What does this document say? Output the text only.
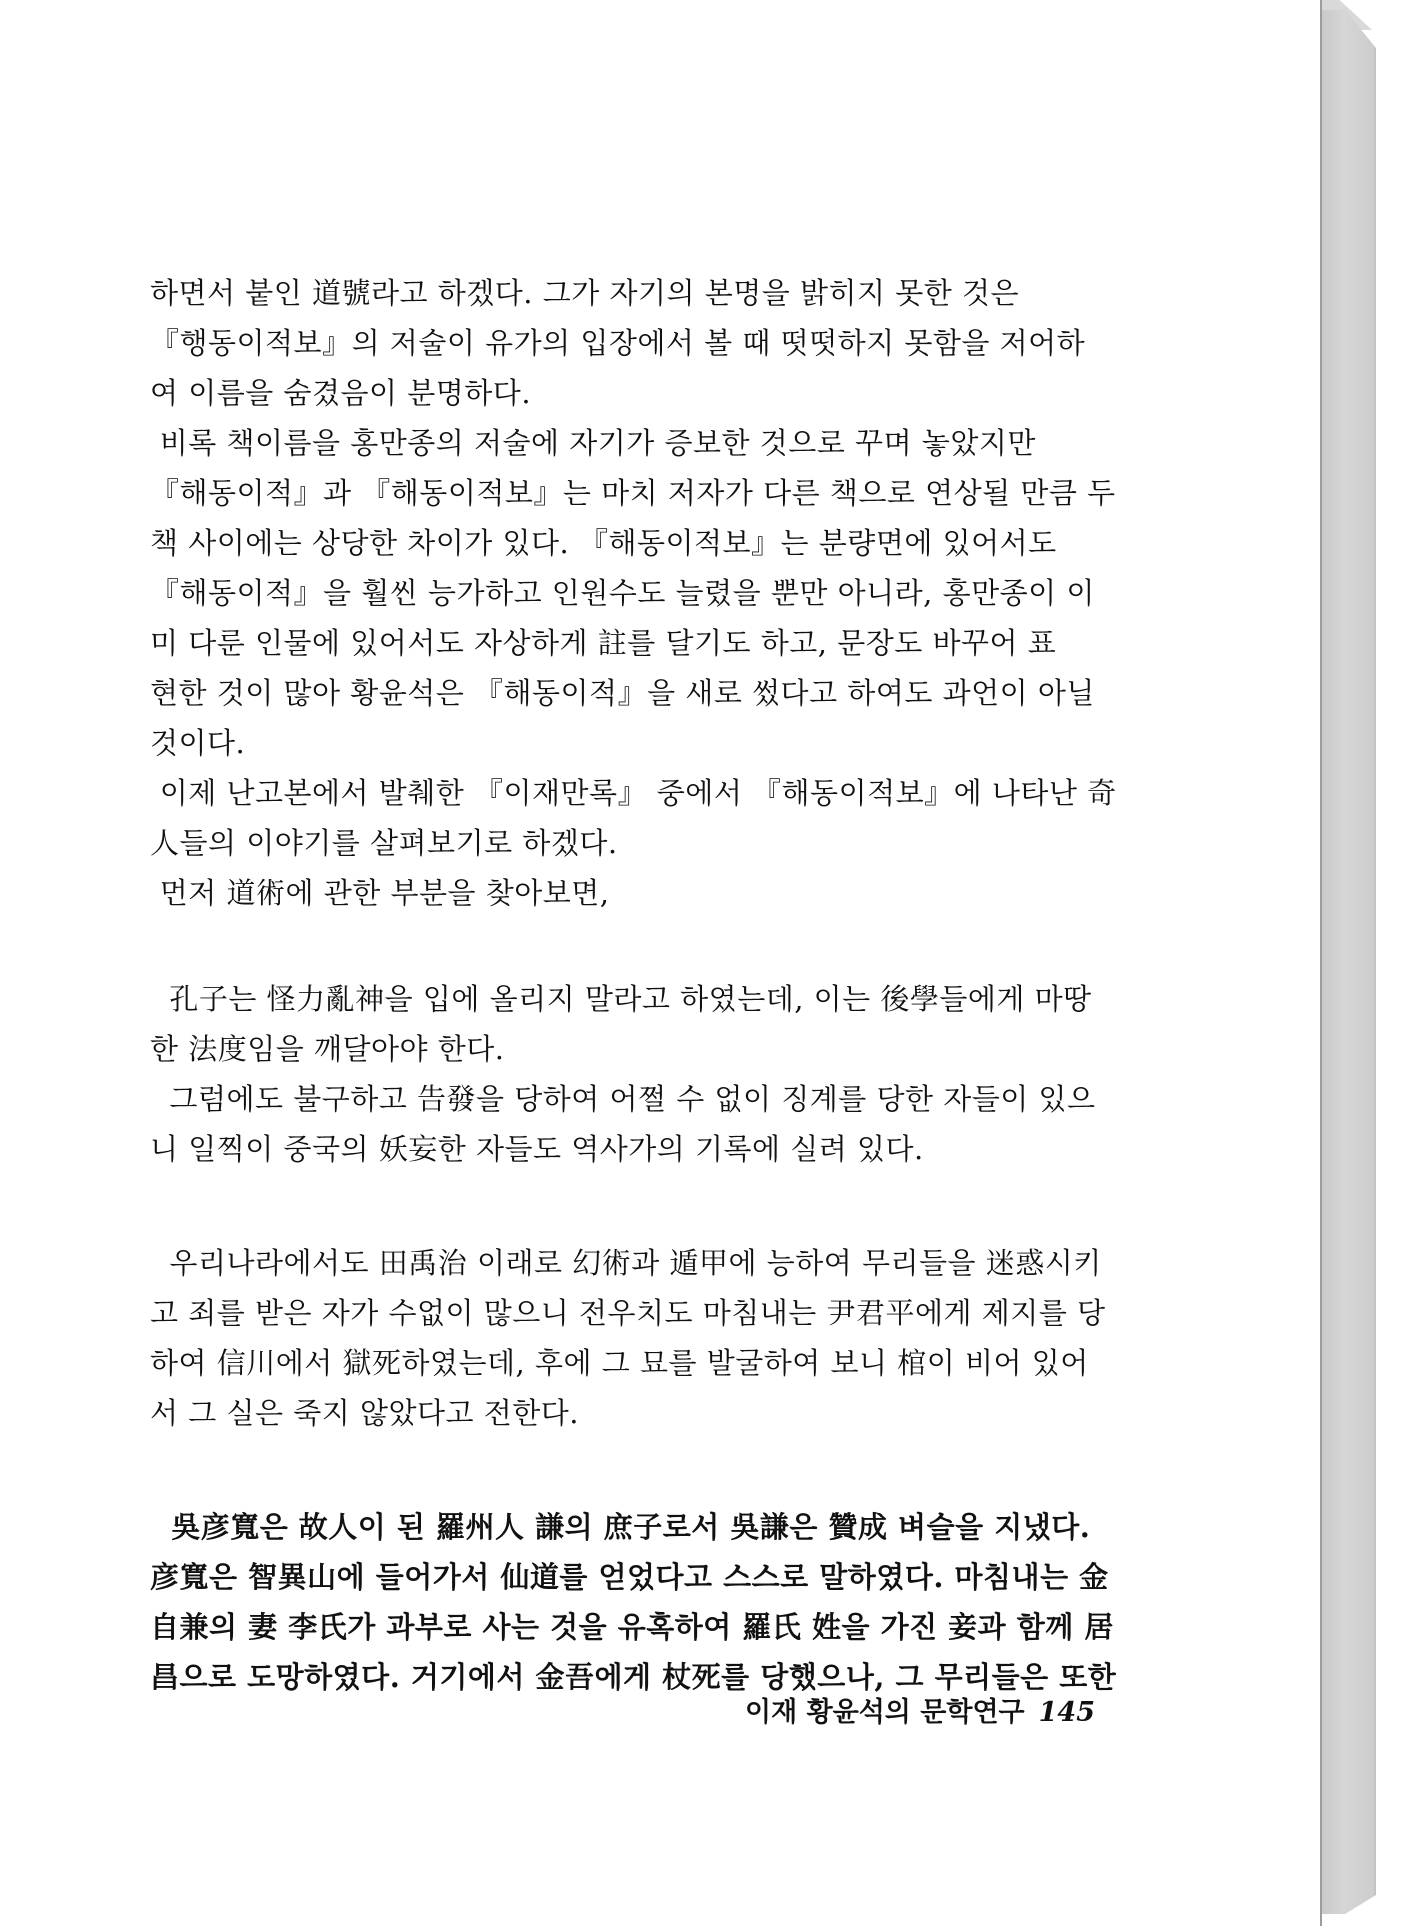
하면서 붙인 道號라고 하겠다. 그가 자기의 본명을 밝히지 못한 것은
『행동이적보』의 저술이 유가의 입장에서 볼 때 떳떳하지 못함을 저어하
여 이름을 숨겼음이 분명하다.
비록 책이름을 홍만종의 저술에 자기가 증보한 것으로 꾸며 놓았지만
『해동이적』과 『해동이적보』는 마치 저자가 다른 책으로 연상될 만큼 두
책 사이에는 상당한 차이가 있다. 『해동이적보』는 분량면에 있어서도
『해동이적』을 훨씬 능가하고 인원수도 늘렸을 뿐만 아니라, 홍만종이 이
미 다룬 인물에 있어서도 자상하게 註를 달기도 하고, 문장도 바꾸어 표
현한 것이 많아 황윤석은 『해동이적』을 새로 썼다고 하여도 과언이 아닐
것이다.
이제 난고본에서 발췌한 『이재만록』 중에서 『해동이적보』에 나타난 奇
人들의 이야기를 살펴보기로 하겠다.
먼저 道術에 관한 부분을 찾아보면,
孔子는 怪力亂神을 입에 올리지 말라고 하였는데, 이는 後學들에게 마땅
한 法度임을 깨달아야 한다.
그럼에도 불구하고 告發을 당하여 어쩔 수 없이 징계를 당한 자들이 있으
니 일찍이 중국의 妖妄한 자들도 역사가의 기록에 실려 있다.
우리나라에서도 田禹治 이래로 幻術과 遁甲에 능하여 무리들을 迷惑시키
고 죄를 받은 자가 수없이 많으니 전우치도 마침내는 尹君平에게 제지를 당
하여 信川에서 獄死하였는데, 후에 그 묘를 발굴하여 보니 棺이 비어 있어
서 그 실은 죽지 않았다고 전한다.
吳彦寬은 故人이 된 羅州人 謙의 庶子로서 吳謙은 贊成 벼슬을 지냈다.
彦寬은 智異山에 들어가서 仙道를 얻었다고 스스로 말하였다. 마침내는 金
自兼의 妻 李氏가 과부로 사는 것을 유혹하여 羅氏 姓을 가진 妾과 함께 居
昌으로 도망하였다. 거기에서 金吾에게 杖死를 당했으나, 그 무리들은 또한
이재 황윤석의 문학연구 145
